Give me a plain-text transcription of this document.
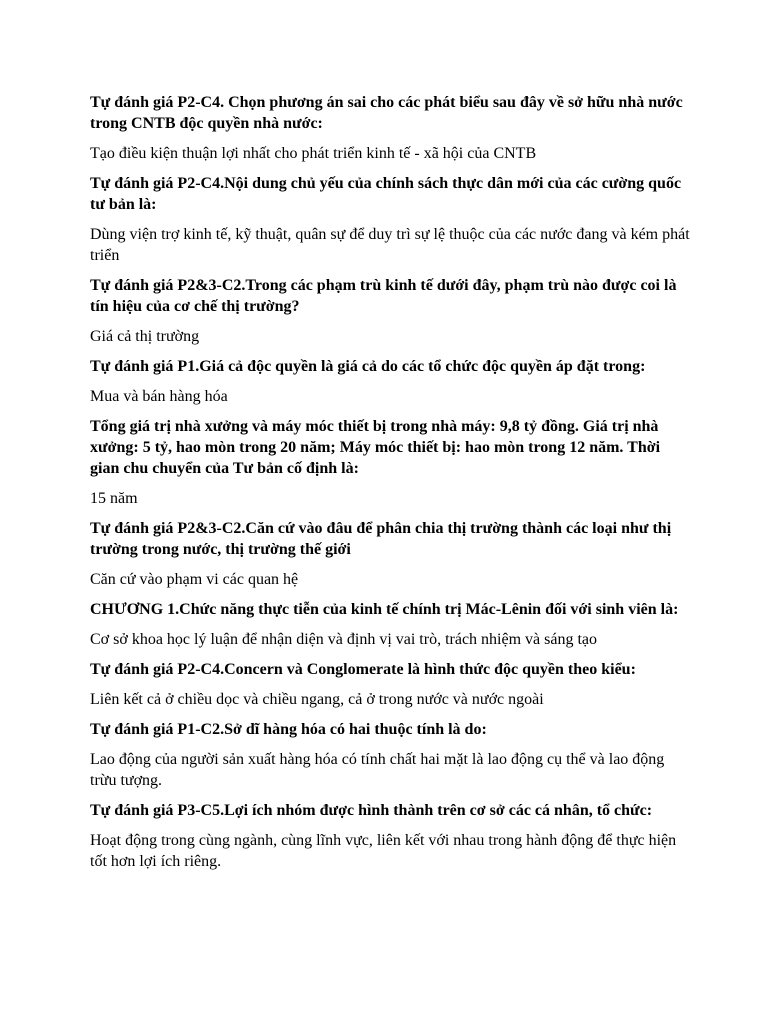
Tự đánh giá P2-C4. Chọn phương án sai cho các phát biểu sau đây về sở hữu nhà nước trong CNTB độc quyền nhà nước:

Tạo điều kiện thuận lợi nhất cho phát triển kinh tế - xã hội của CNTB

Tự đánh giá P2-C4.Nội dung chủ yếu của chính sách thực dân mới của các cường quốc tư bản là:

Dùng viện trợ kinh tế, kỹ thuật, quân sự để duy trì sự lệ thuộc của các nước đang và kém phát triển

Tự đánh giá P2&3-C2.Trong các phạm trù kinh tế dưới đây, phạm trù nào được coi là tín hiệu của cơ chế thị trường?

Giá cả thị trường

Tự đánh giá P1.Giá cả độc quyền là giá cả do các tổ chức độc quyền áp đặt trong:

Mua và bán hàng hóa

Tổng giá trị nhà xưởng và máy móc thiết bị trong nhà máy: 9,8 tỷ đồng. Giá trị nhà xưởng: 5 tỷ, hao mòn trong 20 năm; Máy móc thiết bị: hao mòn trong 12 năm. Thời gian chu chuyển của Tư bản cố định là:

15 năm

Tự đánh giá P2&3-C2.Căn cứ vào đâu để phân chia thị trường thành các loại như thị trường trong nước, thị trường thế giới

Căn cứ vào phạm vi các quan hệ

CHƯƠNG 1.Chức năng thực tiễn của kinh tế chính trị Mác-Lênin đối với sinh viên là:

Cơ sở khoa học lý luận để nhận diện và định vị vai trò, trách nhiệm và sáng tạo

Tự đánh giá P2-C4.Concern và Conglomerate là hình thức độc quyền theo kiểu:

Liên kết cả ở chiều dọc và chiều ngang, cả ở trong nước và nước ngoài

Tự đánh giá P1-C2.Sở dĩ hàng hóa có hai thuộc tính là do:

Lao động của người sản xuất hàng hóa có tính chất hai mặt là lao động cụ thể và lao động trừu tượng.

Tự đánh giá P3-C5.Lợi ích nhóm được hình thành trên cơ sở các cá nhân, tổ chức:

Hoạt động trong cùng ngành, cùng lĩnh vực, liên kết với nhau trong hành động để thực hiện tốt hơn lợi ích riêng.
